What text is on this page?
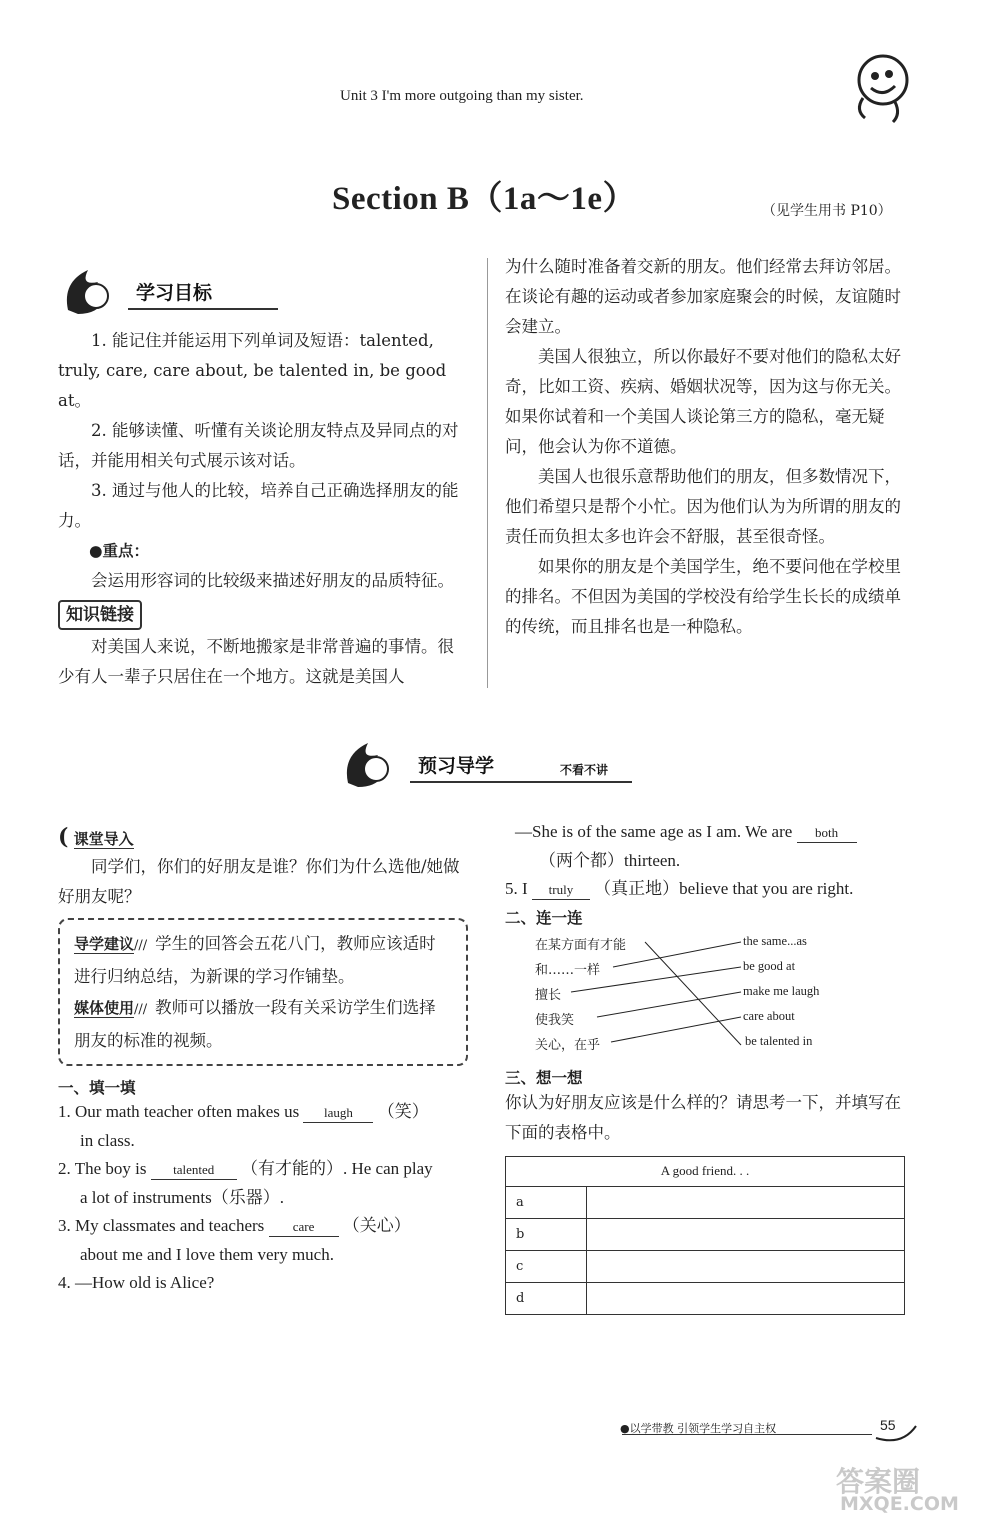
Unit 3 I'm more outgoing than my sister.
Section B（1a～1e）	（见学生用书 P10）
学习目标

1. 能记住并能运用下列单词及短语：talented, truly, care, care about, be talented in, be good at。

2. 能够读懂、听懂有关谈论朋友特点及异同点的对话，并能用相关句式展示该对话。

3. 通过与他人的比较，培养自己正确选择朋友的能力。

●重点：

会运用形容词的比较级来描述好朋友的品质特征。

知识链接

对美国人来说，不断地搬家是非常普遍的事情。很少有人一辈子只居住在一个地方。这就是美国人

为什么随时准备着交新的朋友。他们经常去拜访邻居。在谈论有趣的运动或者参加家庭聚会的时候，友谊随时会建立。

美国人很独立，所以你最好不要对他们的隐私太好奇，比如工资、疾病、婚姻状况等，因为这与你无关。如果你试着和一个美国人谈论第三方的隐私，毫无疑问，他会认为你不道德。

美国人也很乐意帮助他们的朋友，但多数情况下，他们希望只是帮个小忙。因为他们认为为所谓的朋友的责任而负担太多也许会不舒服，甚至很奇怪。

如果你的朋友是个美国学生，绝不要问他在学校里的排名。不但因为美国的学校没有给学生长长的成绩单的传统，而且排名也是一种隐私。

预习导学	不看不讲
( 课堂导入

同学们，你们的好朋友是谁？你们为什么选他/她做好朋友呢？

导学建议/// 学生的回答会五花八门，教师应该适时进行归纳总结，为新课的学习作铺垫。
媒体使用/// 教师可以播放一段有关采访学生们选择朋友的标准的视频。
一、填一填
1. Our math teacher often makes us laugh （笑）
in class.
2. The boy is talented （有才能的）. He can play
a lot of instruments（乐器）.
3. My classmates and teachers care （关心）
about me and I love them very much.
4. —How old is Alice?
—She is of the same age as I am. We are both
（两个都）thirteen.
5. I truly （真正地）believe that you are right.
二、连一连
在某方面有才能
和……一样
擅长
使我笑
关心，在乎
the same...as
be good at
make me laugh
care about
be talented in
三、想一想

你认为好朋友应该是什么样的？请思考一下，并填写在下面的表格中。

A good friend. . .	
a	
b	
c	
d	
●以学带教 引领学生学习自主权	55
答案圈
MXQE.COM
